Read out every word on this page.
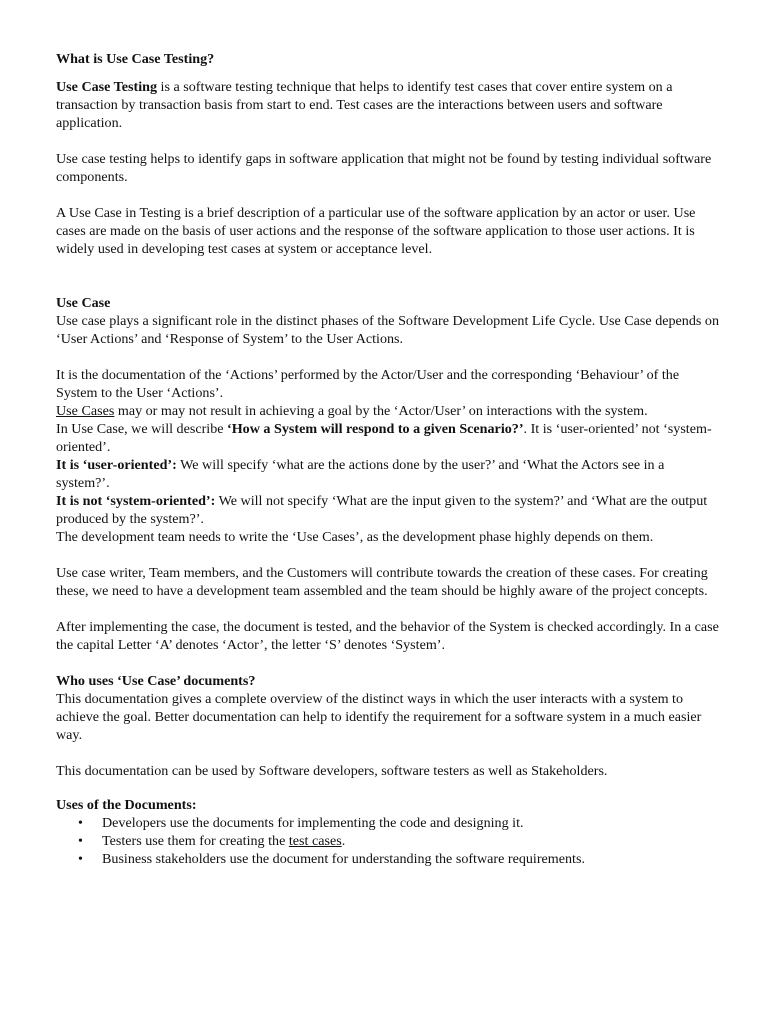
What is Use Case Testing?

Use Case Testing is a software testing technique that helps to identify test cases that cover entire system on a transaction by transaction basis from start to end. Test cases are the interactions between users and software application.

Use case testing helps to identify gaps in software application that might not be found by testing individual software components.

A Use Case in Testing is a brief description of a particular use of the software application by an actor or user. Use cases are made on the basis of user actions and the response of the software application to those user actions. It is widely used in developing test cases at system or acceptance level.

Use Case

Use case plays a significant role in the distinct phases of the Software Development Life Cycle. Use Case depends on ‘User Actions’ and ‘Response of System’ to the User Actions.

It is the documentation of the ‘Actions’ performed by the Actor/User and the corresponding ‘Behaviour’ of the System to the User ‘Actions’.

Use Cases may or may not result in achieving a goal by the ‘Actor/User’ on interactions with the system.

In Use Case, we will describe ‘How a System will respond to a given Scenario?’. It is ‘user-oriented’ not ‘system-oriented’.

It is ‘user-oriented’: We will specify ‘what are the actions done by the user?’ and ‘What the Actors see in a system?’.

It is not ‘system-oriented’: We will not specify ‘What are the input given to the system?’ and ‘What are the output produced by the system?’.

The development team needs to write the ‘Use Cases’, as the development phase highly depends on them.

Use case writer, Team members, and the Customers will contribute towards the creation of these cases. For creating these, we need to have a development team assembled and the team should be highly aware of the project concepts.

After implementing the case, the document is tested, and the behavior of the System is checked accordingly. In a case the capital Letter ‘A’ denotes ‘Actor’, the letter ‘S’ denotes ‘System’.

Who uses ‘Use Case’ documents?

This documentation gives a complete overview of the distinct ways in which the user interacts with a system to achieve the goal. Better documentation can help to identify the requirement for a software system in a much easier way.

This documentation can be used by Software developers, software testers as well as Stakeholders.

Uses of the Documents:

• Developers use the documents for implementing the code and designing it.
• Testers use them for creating the test cases.
• Business stakeholders use the document for understanding the software requirements.
